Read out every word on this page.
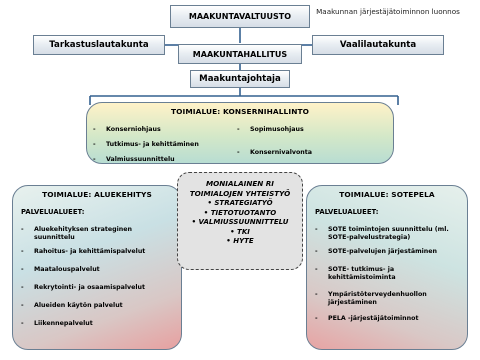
Maakunnan järjestäjätoiminnon luonnos
MAAKUNTAVALTUUSTO
Tarkastuslautakunta
MAAKUNTAHALLITUS
Vaalilautakunta
Maakuntajohtaja
TOIMIALUE: KONSERNIHALLINTO
- Konserniohjaus
- Tutkimus- ja kehittäminen
- Valmiussuunnittelu
- Sopimusohjaus
- Konsernivalvonta
TOIMIALUE: ALUEKEHITYS
PALVELUALUEET:
- Aluekehityksen strateginen suunnittelu
- Rahoitus- ja kehittämispalvelut
- Maatalouspalvelut
- Rekrytointi- ja osaamispalvelut
- Alueiden käytön palvelut
- Liikennepalvelut
TOIMIALUE: SOTEPELA
PALVELUALUEET:
- SOTE toimintojen suunnittelu (ml. SOTE-palvelustrategia)
- SOTE-palvelujen järjestäminen
- SOTE- tutkimus- ja kehittämistoiminta
- Ympäristöterveydenhuollon järjestäminen
- PELA -järjestäjätoiminnot
MONIALAINEN RI TOIMIALOJEN YHTEISTYÖ
• STRATEGIATYÖ
• TIETOTUOTANTO
• VALMIUSSUUNNITTELU
• TKI
• HYTE
